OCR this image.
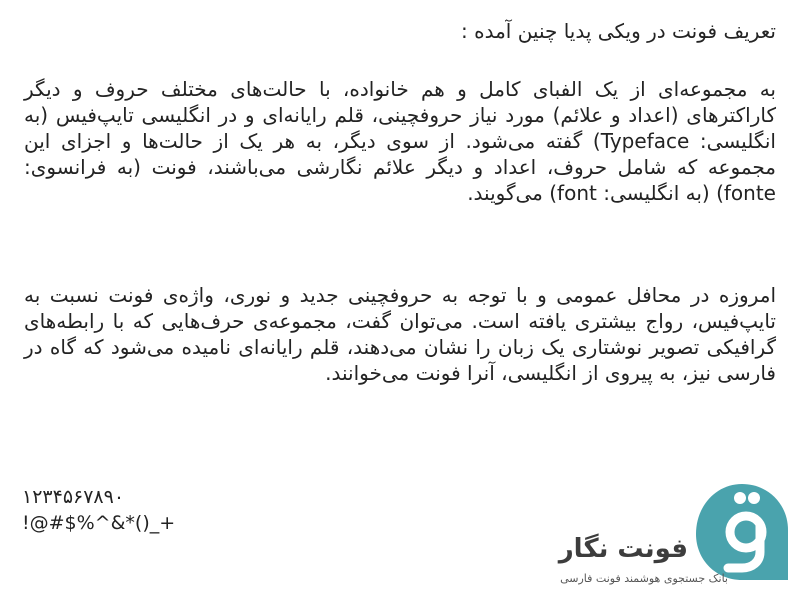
تعریف فونت در ویکی پدیا چنین آمده :
به مجموعه‌ای از یک الفبای کامل و هم خانواده، با حالت‌های مختلف حروف و دیگر کاراکترهای (اعداد و علائم) مورد نیاز حروفچینی، قلم رایانه‌ای و در انگلیسی تایپ‌فیس (به انگلیسی: Typeface) گفته می‌شود. از سوی دیگر، به هر یک از حالت‌ها و اجزای این مجموعه که شامل حروف، اعداد و دیگر علائم نگارشی می‌باشند، فونت (به فرانسوی: fonte) (به انگلیسی: font) می‌گویند.
امروزه در محافل عمومی و با توجه به حروفچینی جدید و نوری، واژه‌ی فونت نسبت به تایپ‌فیس، رواج بیشتری یافته است. می‌توان گفت، مجموعه‌ی حرف‌هایی که با رابطه‌های گرافیکی تصویر نوشتاری یک زبان را نشان می‌دهند، قلم رایانه‌ای نامیده می‌شود که گاه در فارسی نیز، به پیروی از انگلیسی، آنرا فونت می‌خوانند.
۱۲۳۴۵۶۷۸۹۰
!@#$%^&*()_+
فونت نگار
بانک جستجوی هوشمند فونت فارسی
